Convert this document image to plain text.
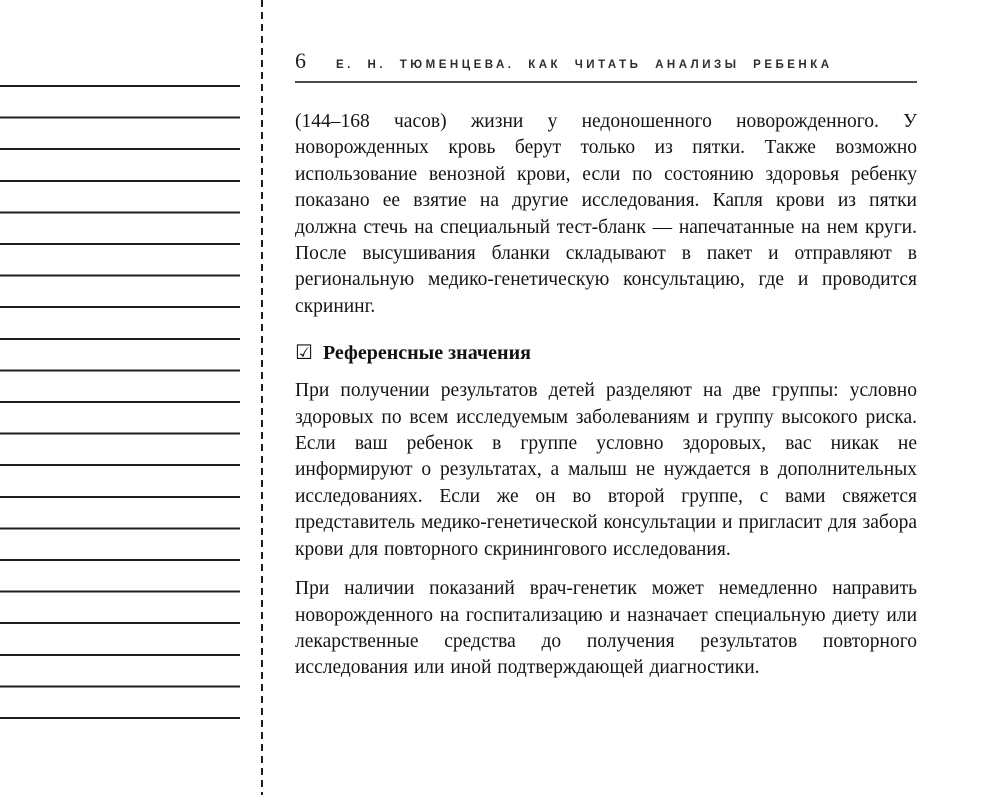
6	Е. Н. ТЮМЕНЦЕВА. КАК ЧИТАТЬ АНАЛИЗЫ РЕБЕНКА

(144–168 часов) жизни у недоношенного новорожденного. У новорожденных кровь берут только из пятки. Также возможно использование венозной крови, если по состоянию здоровья ребенку показано ее взятие на другие исследования. Капля крови из пятки должна стечь на специальный тест-бланк — напечатанные на нем круги. После высушивания бланки складывают в пакет и отправляют в региональную медико-генетическую консультацию, где и проводится скрининг.

☑ Референсные значения

При получении результатов детей разделяют на две группы: условно здоровых по всем исследуемым заболеваниям и группу высокого риска. Если ваш ребенок в группе условно здоровых, вас никак не информируют о результатах, а малыш не нуждается в дополнительных исследованиях. Если же он во второй группе, с вами свяжется представитель медико-генетической консультации и пригласит для забора крови для повторного скринингового исследования.

При наличии показаний врач-генетик может немедленно направить новорожденного на госпитализацию и назначает специальную диету или лекарственные средства до получения результатов повторного исследования или иной подтверждающей диагностики.
